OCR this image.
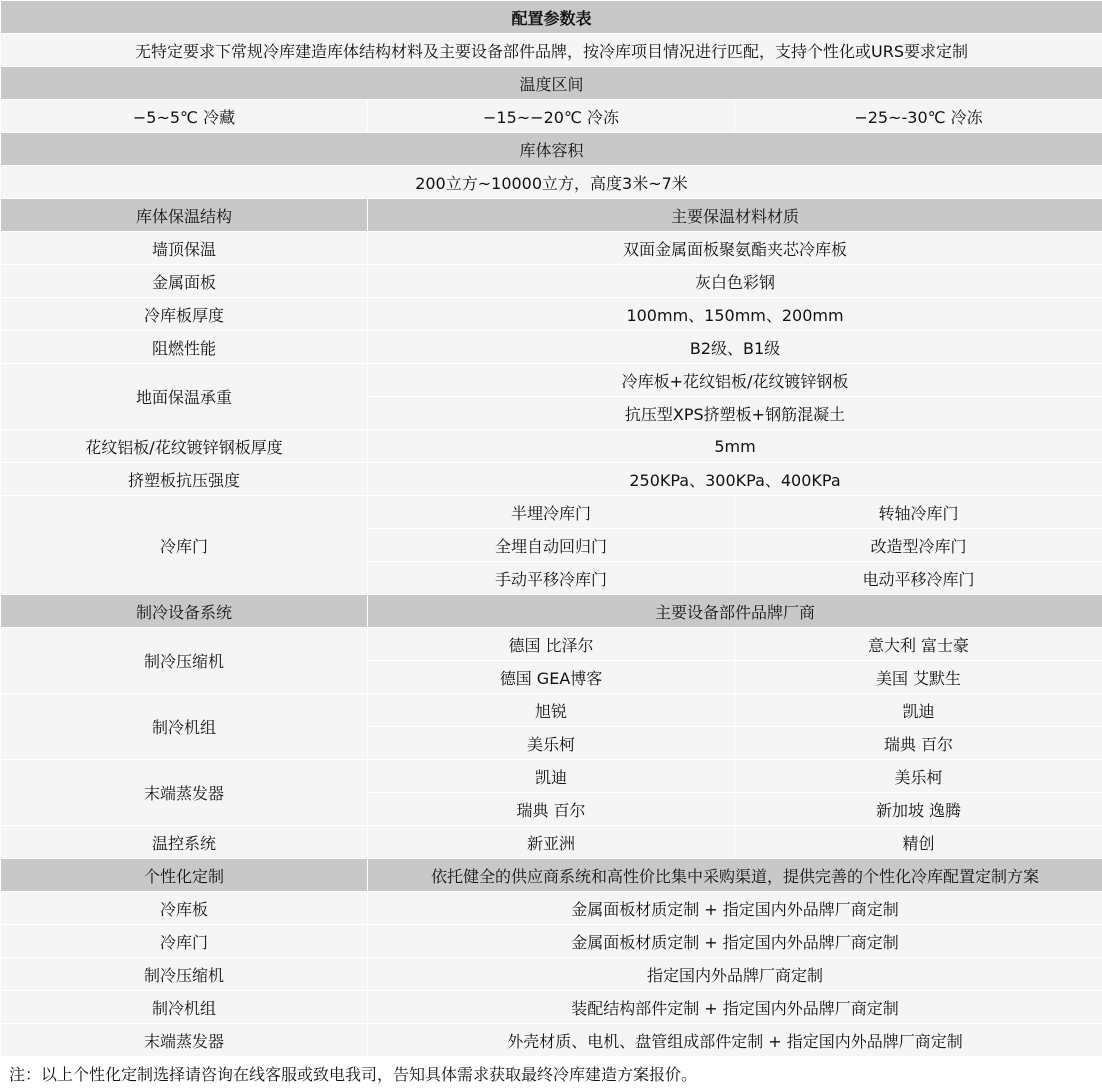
配置参数表		
无特定要求下常规冷库建造库体结构材料及主要设备部件品牌，按冷库项目情况进行匹配，支持个性化或URS要求定制		
温度区间		
−5~5℃ 冷藏	−15~−20℃ 冷冻	−25~-30℃ 冷冻
库体容积		
200立方~10000立方，高度3米~7米		
库体保温结构	主要保温材料材质	
墙顶保温	双面金属面板聚氨酯夹芯冷库板	
金属面板	灰白色彩钢	
冷库板厚度	100mm、150mm、200mm	
阻燃性能	B2级、B1级	
地面保温承重	冷库板+花纹铝板/花纹镀锌钢板	
	抗压型XPS挤塑板+钢筋混凝土	
花纹铝板/花纹镀锌钢板厚度	5mm	
挤塑板抗压强度	250KPa、300KPa、400KPa	
冷库门	半埋冷库门	转轴冷库门
	全埋自动回归门	改造型冷库门
	手动平移冷库门	电动平移冷库门
制冷设备系统	主要设备部件品牌厂商	
制冷压缩机	德国 比泽尔	意大利 富士豪
	德国 GEA博客	美国 艾默生
制冷机组	旭锐	凯迪
	美乐柯	瑞典 百尔
末端蒸发器	凯迪	美乐柯
	瑞典 百尔	新加坡 逸腾
温控系统	新亚洲	精创
个性化定制	依托健全的供应商系统和高性价比集中采购渠道，提供完善的个性化冷库配置定制方案	
冷库板	金属面板材质定制 + 指定国内外品牌厂商定制	
冷库门	金属面板材质定制 + 指定国内外品牌厂商定制	
制冷压缩机	指定国内外品牌厂商定制	
制冷机组	装配结构部件定制 + 指定国内外品牌厂商定制	
末端蒸发器	外壳材质、电机、盘管组成部件定制 + 指定国内外品牌厂商定制	
注：以上个性化定制选择请咨询在线客服或致电我司，告知具体需求获取最终冷库建造方案报价。		
